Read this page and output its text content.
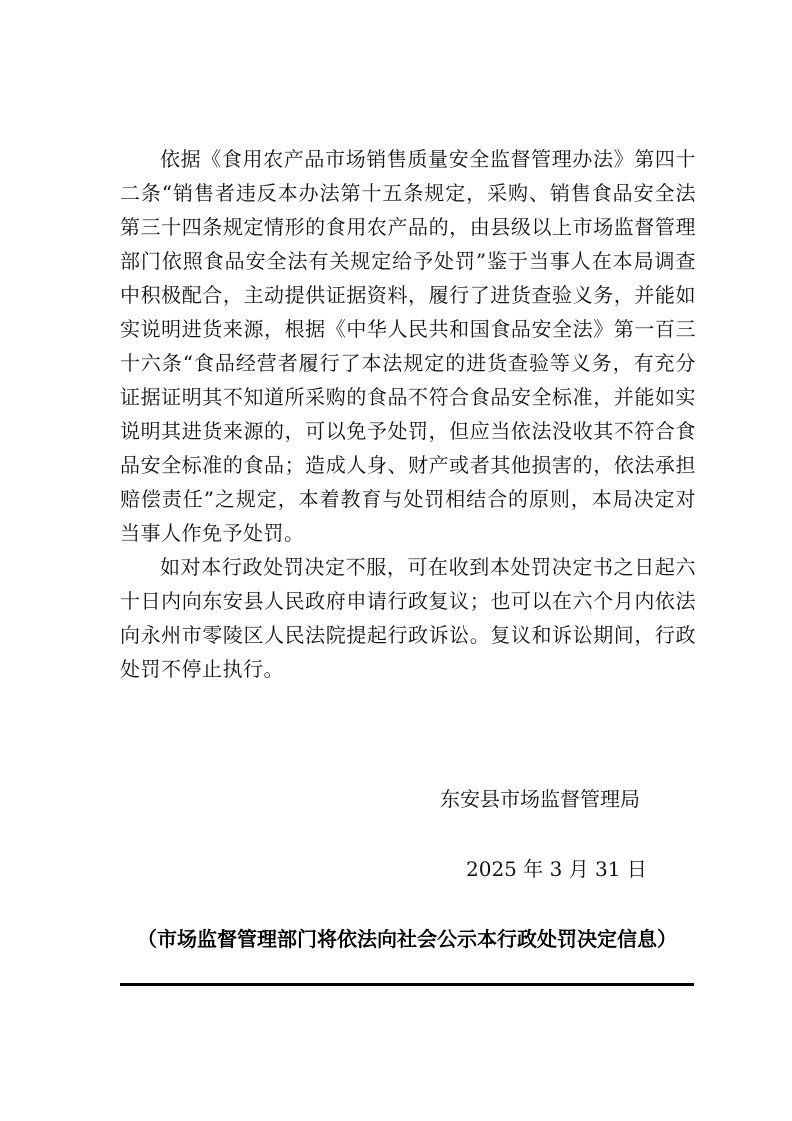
依据《食用农产品市场销售质量安全监督管理办法》第四十二条“销售者违反本办法第十五条规定，采购、销售食品安全法第三十四条规定情形的食用农产品的，由县级以上市场监督管理部门依照食品安全法有关规定给予处罚”鉴于当事人在本局调查中积极配合，主动提供证据资料，履行了进货查验义务，并能如实说明进货来源，根据《中华人民共和国食品安全法》第一百三十六条“食品经营者履行了本法规定的进货查验等义务，有充分证据证明其不知道所采购的食品不符合食品安全标准，并能如实说明其进货来源的，可以免予处罚，但应当依法没收其不符合食品安全标准的食品；造成人身、财产或者其他损害的，依法承担赔偿责任”之规定，本着教育与处罚相结合的原则，本局决定对当事人作免予处罚。

如对本行政处罚决定不服，可在收到本处罚决定书之日起六十日内向东安县人民政府申请行政复议；也可以在六个月内依法向永州市零陵区人民法院提起行政诉讼。复议和诉讼期间，行政处罚不停止执行。

东安县市场监督管理局
2025 年 3 月 31 日
（市场监督管理部门将依法向社会公示本行政处罚决定信息）
